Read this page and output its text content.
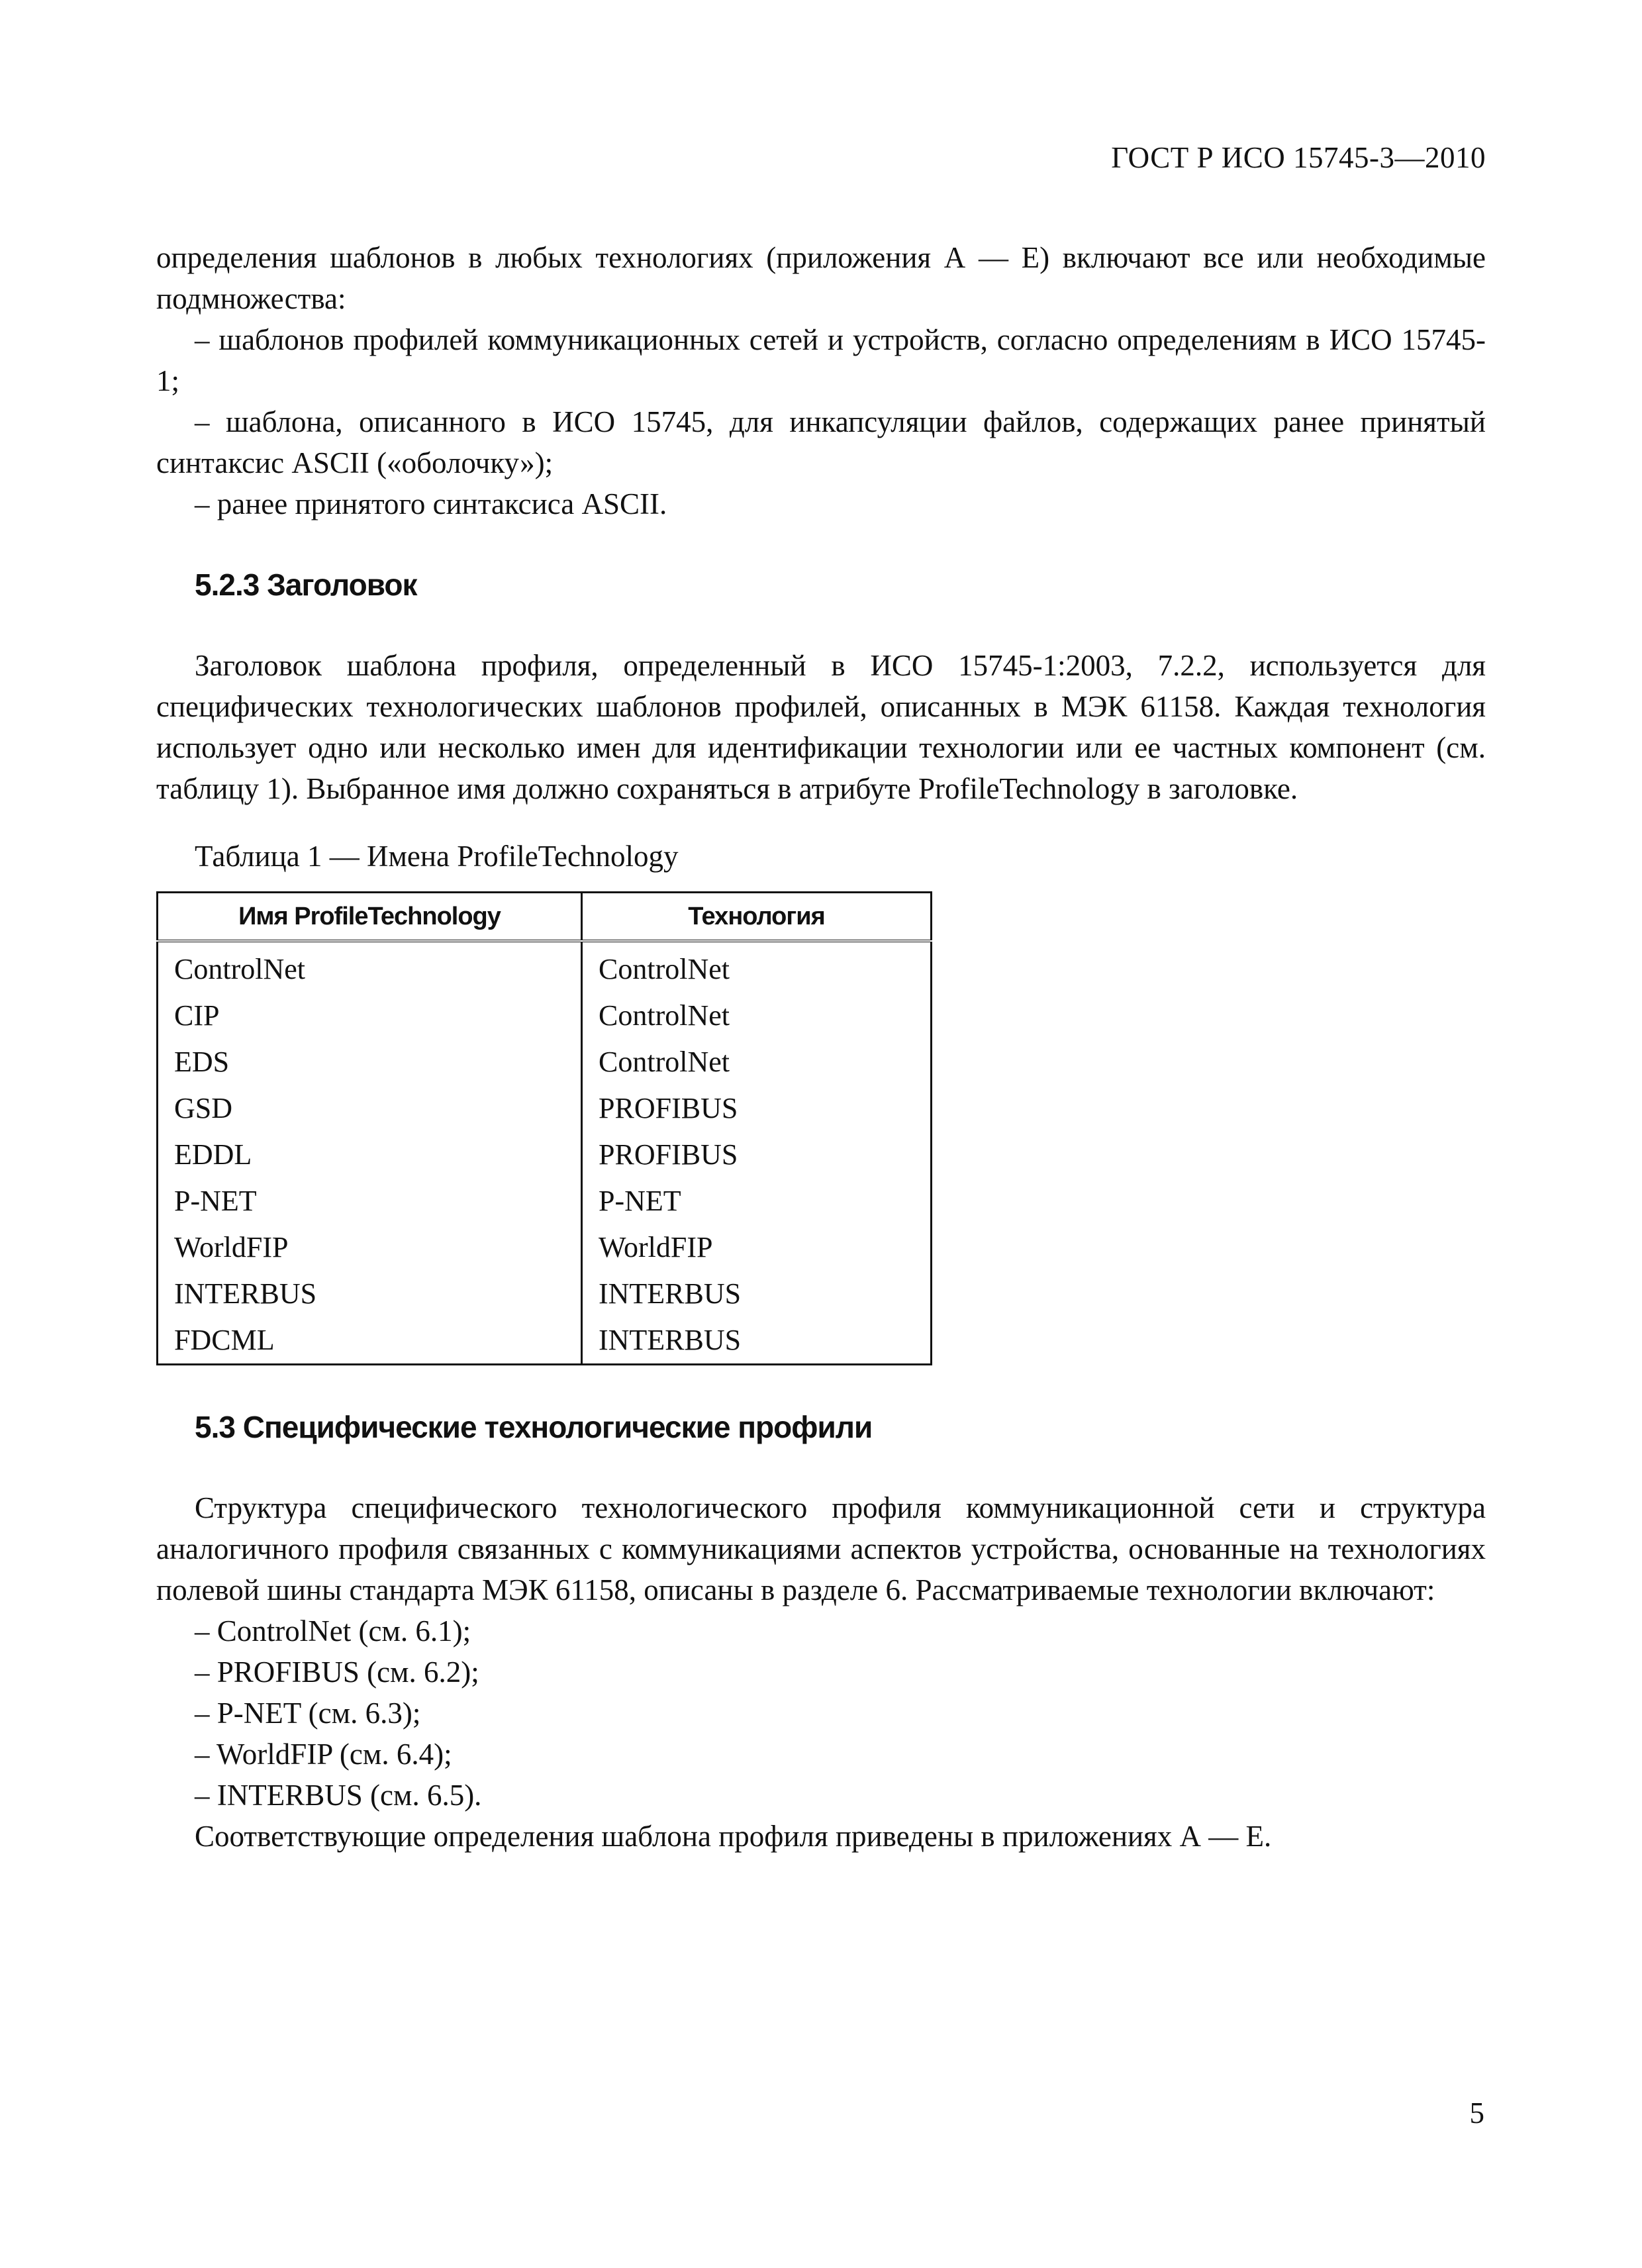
ГОСТ Р ИСО 15745-3—2010

определения шаблонов в любых технологиях (приложения А — Е) включают все или необходимые подмножества:

– шаблонов профилей коммуникационных сетей и устройств, согласно определениям в ИСО 15745-1;

– шаблона, описанного в ИСО 15745, для инкапсуляции файлов, содержащих ранее принятый синтаксис ASCII («оболочку»);

– ранее принятого синтаксиса ASCII.

5.2.3 Заголовок

Заголовок шаблона профиля, определенный в ИСО 15745-1:2003, 7.2.2, используется для специфических технологических шаблонов профилей, описанных в МЭК 61158. Каждая технология использует одно или несколько имен для идентификации технологии или ее частных компонент (см. таблицу 1). Выбранное имя должно сохраняться в атрибуте ProfileTechnology в заголовке.

Таблица 1 — Имена ProfileTechnology

Имя ProfileTechnology	Технология
ControlNet	ControlNet
CIP	ControlNet
EDS	ControlNet
GSD	PROFIBUS
EDDL	PROFIBUS
P-NET	P-NET
WorldFIP	WorldFIP
INTERBUS	INTERBUS
FDCML	INTERBUS

5.3 Специфические технологические профили

Структура специфического технологического профиля коммуникационной сети и структура аналогичного профиля связанных с коммуникациями аспектов устройства, основанные на технологиях полевой шины стандарта МЭК 61158, описаны в разделе 6. Рассматриваемые технологии включают:

– ControlNet (см. 6.1);

– PROFIBUS (см. 6.2);

– P-NET (см. 6.3);

– WorldFIP (см. 6.4);

– INTERBUS (см. 6.5).

Соответствующие определения шаблона профиля приведены в приложениях А — Е.

5
